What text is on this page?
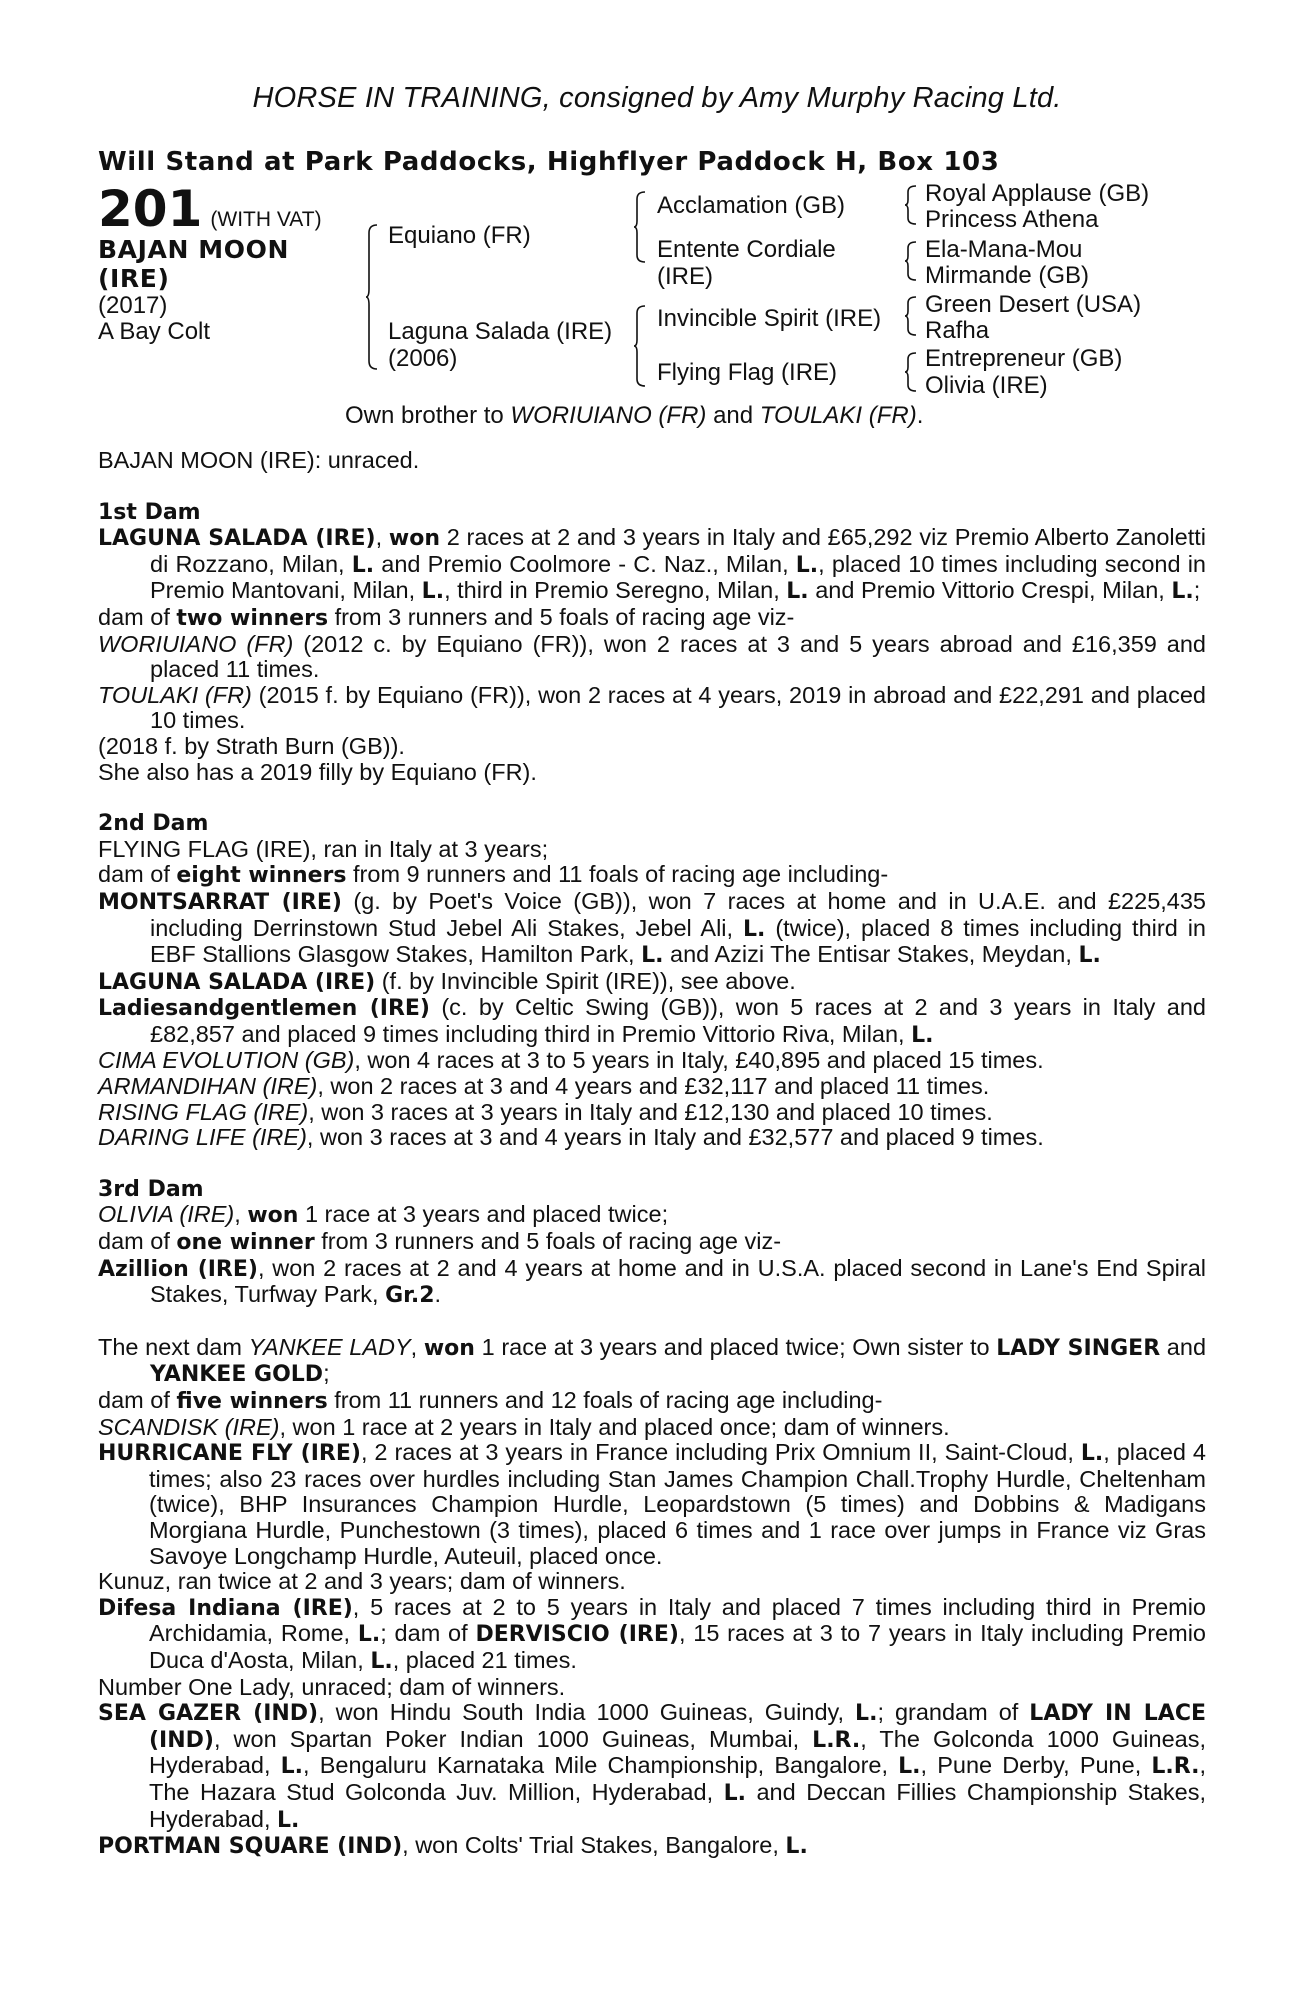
HORSE IN TRAINING, consigned by Amy Murphy Racing Ltd.
Will Stand at Park Paddocks, Highflyer Paddock H, Box 103
201 (WITH VAT)
BAJAN MOON
(IRE)
(2017)
A Bay Colt
Equiano (FR)
Laguna Salada (IRE)
(2006)
Acclamation (GB)
Entente Cordiale
(IRE)
Invincible Spirit (IRE)
Flying Flag (IRE)
Royal Applause (GB)
Princess Athena
Ela-Mana-Mou
Mirmande (GB)
Green Desert (USA)
Rafha
Entrepreneur (GB)
Olivia (IRE)
Own brother to WORIUIANO (FR) and TOULAKI (FR).

BAJAN MOON (IRE): unraced.

1st Dam

LAGUNA SALADA (IRE), won 2 races at 2 and 3 years in Italy and £65,292 viz Premio Alberto Zanoletti di Rozzano, Milan, L. and Premio Coolmore - C. Naz., Milan, L., placed 10 times including second in Premio Mantovani, Milan, L., third in Premio Seregno, Milan, L. and Premio Vittorio Crespi, Milan, L.;

dam of two winners from 3 runners and 5 foals of racing age viz-

WORIUIANO (FR) (2012 c. by Equiano (FR)), won 2 races at 3 and 5 years abroad and £16,359 and placed 11 times.

TOULAKI (FR) (2015 f. by Equiano (FR)), won 2 races at 4 years, 2019 in abroad and £22,291 and placed 10 times.

(2018 f. by Strath Burn (GB)).

She also has a 2019 filly by Equiano (FR).

2nd Dam

FLYING FLAG (IRE), ran in Italy at 3 years;

dam of eight winners from 9 runners and 11 foals of racing age including-

MONTSARRAT (IRE) (g. by Poet's Voice (GB)), won 7 races at home and in U.A.E. and £225,435 including Derrinstown Stud Jebel Ali Stakes, Jebel Ali, L. (twice), placed 8 times including third in EBF Stallions Glasgow Stakes, Hamilton Park, L. and Azizi The Entisar Stakes, Meydan, L.

LAGUNA SALADA (IRE) (f. by Invincible Spirit (IRE)), see above.

Ladiesandgentlemen (IRE) (c. by Celtic Swing (GB)), won 5 races at 2 and 3 years in Italy and £82,857 and placed 9 times including third in Premio Vittorio Riva, Milan, L.

CIMA EVOLUTION (GB), won 4 races at 3 to 5 years in Italy, £40,895 and placed 15 times.

ARMANDIHAN (IRE), won 2 races at 3 and 4 years and £32,117 and placed 11 times.

RISING FLAG (IRE), won 3 races at 3 years in Italy and £12,130 and placed 10 times.

DARING LIFE (IRE), won 3 races at 3 and 4 years in Italy and £32,577 and placed 9 times.

3rd Dam

OLIVIA (IRE), won 1 race at 3 years and placed twice;

dam of one winner from 3 runners and 5 foals of racing age viz-

Azillion (IRE), won 2 races at 2 and 4 years at home and in U.S.A. placed second in Lane's End Spiral Stakes, Turfway Park, Gr.2.

The next dam YANKEE LADY, won 1 race at 3 years and placed twice; Own sister to LADY SINGER and YANKEE GOLD;

dam of five winners from 11 runners and 12 foals of racing age including-

SCANDISK (IRE), won 1 race at 2 years in Italy and placed once; dam of winners.

HURRICANE FLY (IRE), 2 races at 3 years in France including Prix Omnium II, Saint-Cloud, L., placed 4 times; also 23 races over hurdles including Stan James Champion Chall.Trophy Hurdle, Cheltenham (twice), BHP Insurances Champion Hurdle, Leopardstown (5 times) and Dobbins & Madigans Morgiana Hurdle, Punchestown (3 times), placed 6 times and 1 race over jumps in France viz Gras Savoye Longchamp Hurdle, Auteuil, placed once.

Kunuz, ran twice at 2 and 3 years; dam of winners.

Difesa Indiana (IRE), 5 races at 2 to 5 years in Italy and placed 7 times including third in Premio Archidamia, Rome, L.; dam of DERVISCIO (IRE), 15 races at 3 to 7 years in Italy including Premio Duca d'Aosta, Milan, L., placed 21 times.

Number One Lady, unraced; dam of winners.

SEA GAZER (IND), won Hindu South India 1000 Guineas, Guindy, L.; grandam of LADY IN LACE (IND), won Spartan Poker Indian 1000 Guineas, Mumbai, L.R., The Golconda 1000 Guineas, Hyderabad, L., Bengaluru Karnataka Mile Championship, Bangalore, L., Pune Derby, Pune, L.R., The Hazara Stud Golconda Juv. Million, Hyderabad, L. and Deccan Fillies Championship Stakes, Hyderabad, L.

PORTMAN SQUARE (IND), won Colts' Trial Stakes, Bangalore, L.
